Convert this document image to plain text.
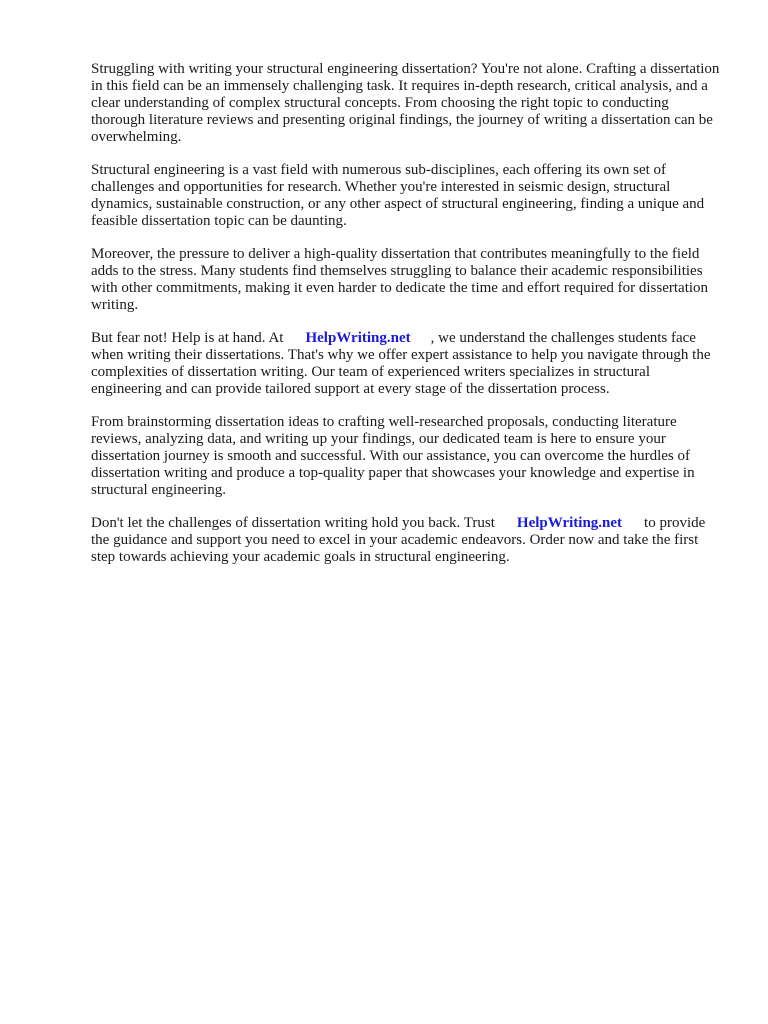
Struggling with writing your structural engineering dissertation? You're not alone. Crafting a dissertation in this field can be an immensely challenging task. It requires in-depth research, critical analysis, and a clear understanding of complex structural concepts. From choosing the right topic to conducting thorough literature reviews and presenting original findings, the journey of writing a dissertation can be overwhelming.

Structural engineering is a vast field with numerous sub-disciplines, each offering its own set of challenges and opportunities for research. Whether you're interested in seismic design, structural dynamics, sustainable construction, or any other aspect of structural engineering, finding a unique and feasible dissertation topic can be daunting.

Moreover, the pressure to deliver a high-quality dissertation that contributes meaningfully to the field adds to the stress. Many students find themselves struggling to balance their academic responsibilities with other commitments, making it even harder to dedicate the time and effort required for dissertation writing.

But fear not! Help is at hand. At HelpWriting.net , we understand the challenges students face when writing their dissertations. That's why we offer expert assistance to help you navigate through the complexities of dissertation writing. Our team of experienced writers specializes in structural engineering and can provide tailored support at every stage of the dissertation process.

From brainstorming dissertation ideas to crafting well-researched proposals, conducting literature reviews, analyzing data, and writing up your findings, our dedicated team is here to ensure your dissertation journey is smooth and successful. With our assistance, you can overcome the hurdles of dissertation writing and produce a top-quality paper that showcases your knowledge and expertise in structural engineering.

Don't let the challenges of dissertation writing hold you back. Trust HelpWriting.net to provide the guidance and support you need to excel in your academic endeavors. Order now and take the first step towards achieving your academic goals in structural engineering.
